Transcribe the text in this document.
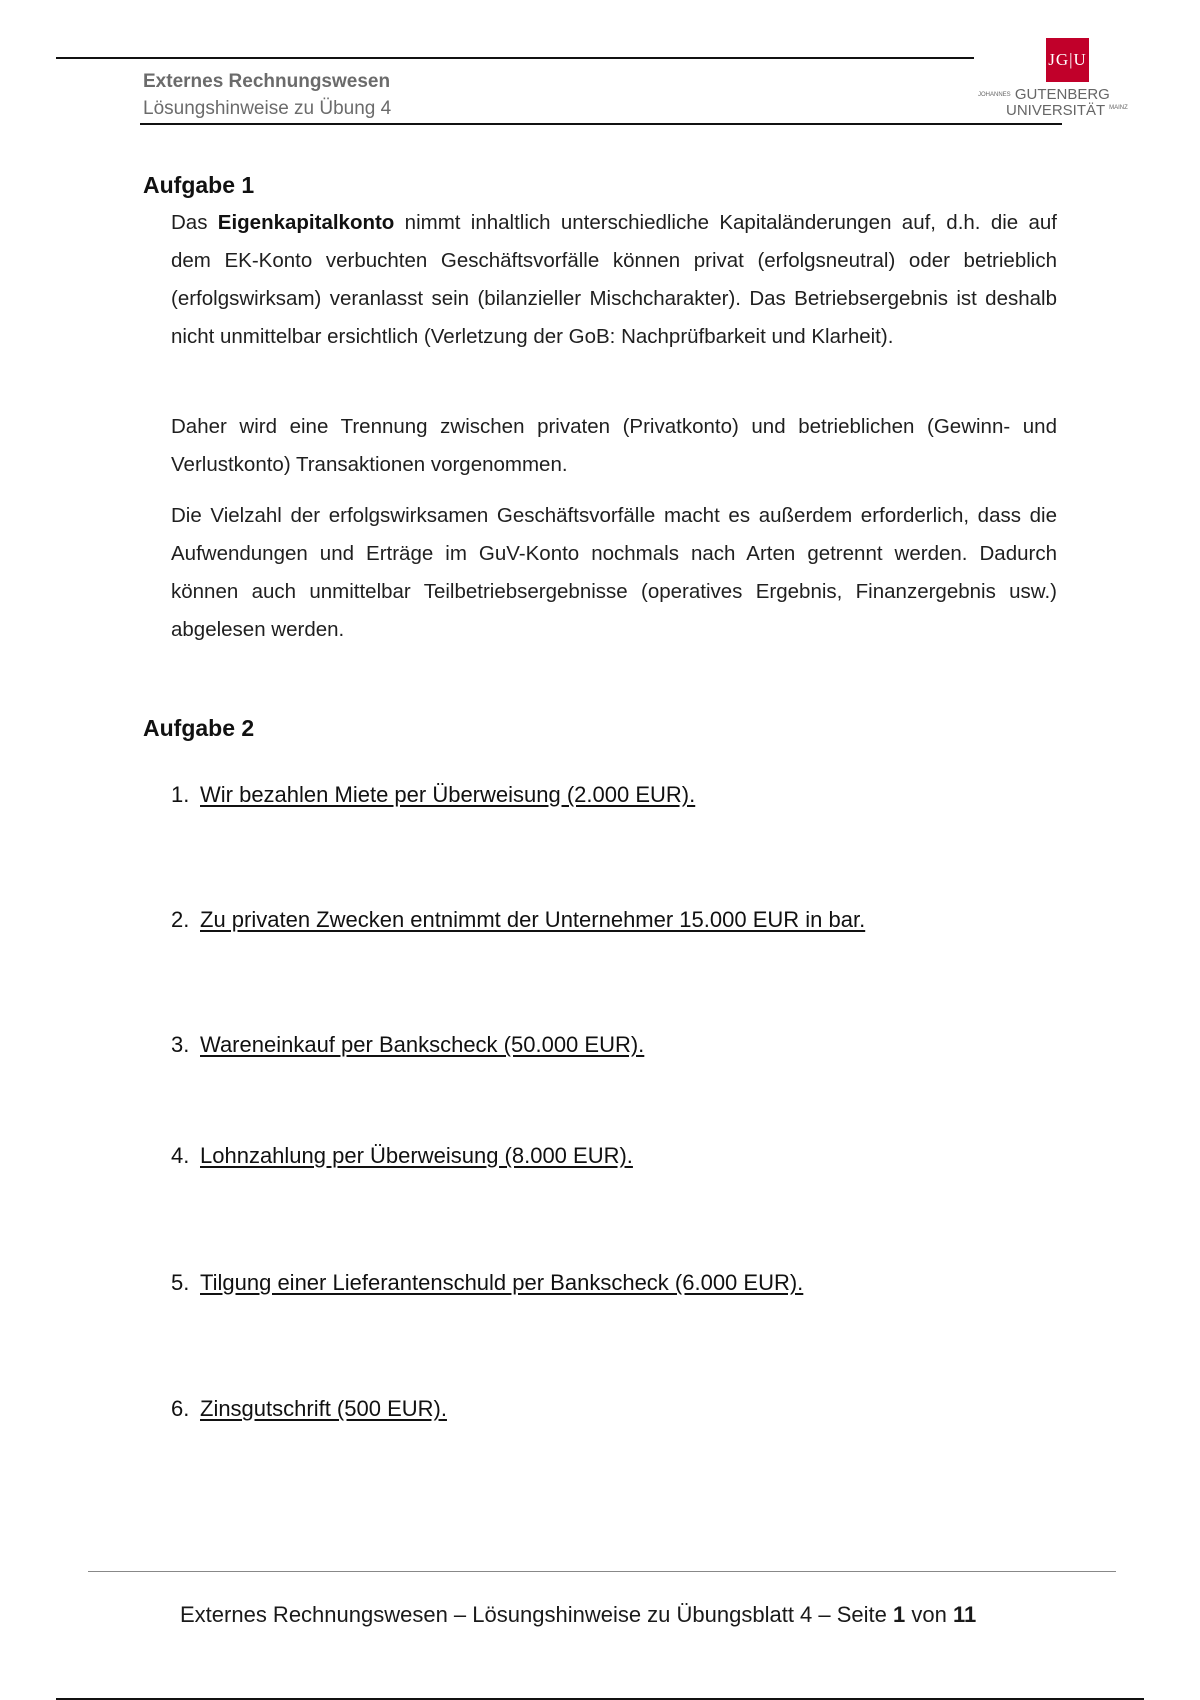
Externes Rechnungswesen
Lösungshinweise zu Übung 4
JG|U
JOHANNES GUTENBERG
UNIVERSITÄT $^{MAINZ}$
Aufgabe 1
Das Eigenkapitalkonto nimmt inhaltlich unterschiedliche Kapitaländerungen auf, d.h. die auf dem EK-Konto verbuchten Geschäftsvorfälle können privat (erfolgsneutral) oder betrieblich (erfolgswirksam) veranlasst sein (bilanzieller Mischcharakter). Das Betriebsergebnis ist deshalb nicht unmittelbar ersichtlich (Verletzung der GoB: Nachprüfbarkeit und Klarheit).
Daher wird eine Trennung zwischen privaten (Privatkonto) und betrieblichen (Gewinn- und Verlustkonto) Transaktionen vorgenommen.
Die Vielzahl der erfolgswirksamen Geschäftsvorfälle macht es außerdem erforderlich, dass die Aufwendungen und Erträge im GuV-Konto nochmals nach Arten getrennt werden. Dadurch können auch unmittelbar Teilbetriebsergebnisse (operatives Ergebnis, Finanzergebnis usw.) abgelesen werden.
Aufgabe 2
1. Wir bezahlen Miete per Überweisung (2.000 EUR).
2. Zu privaten Zwecken entnimmt der Unternehmer 15.000 EUR in bar.
3. Wareneinkauf per Bankscheck (50.000 EUR).
4. Lohnzahlung per Überweisung (8.000 EUR).
5. Tilgung einer Lieferantenschuld per Bankscheck (6.000 EUR).
6. Zinsgutschrift (500 EUR).
Externes Rechnungswesen – Lösungshinweise zu Übungsblatt 4 – Seite 1 von 11
